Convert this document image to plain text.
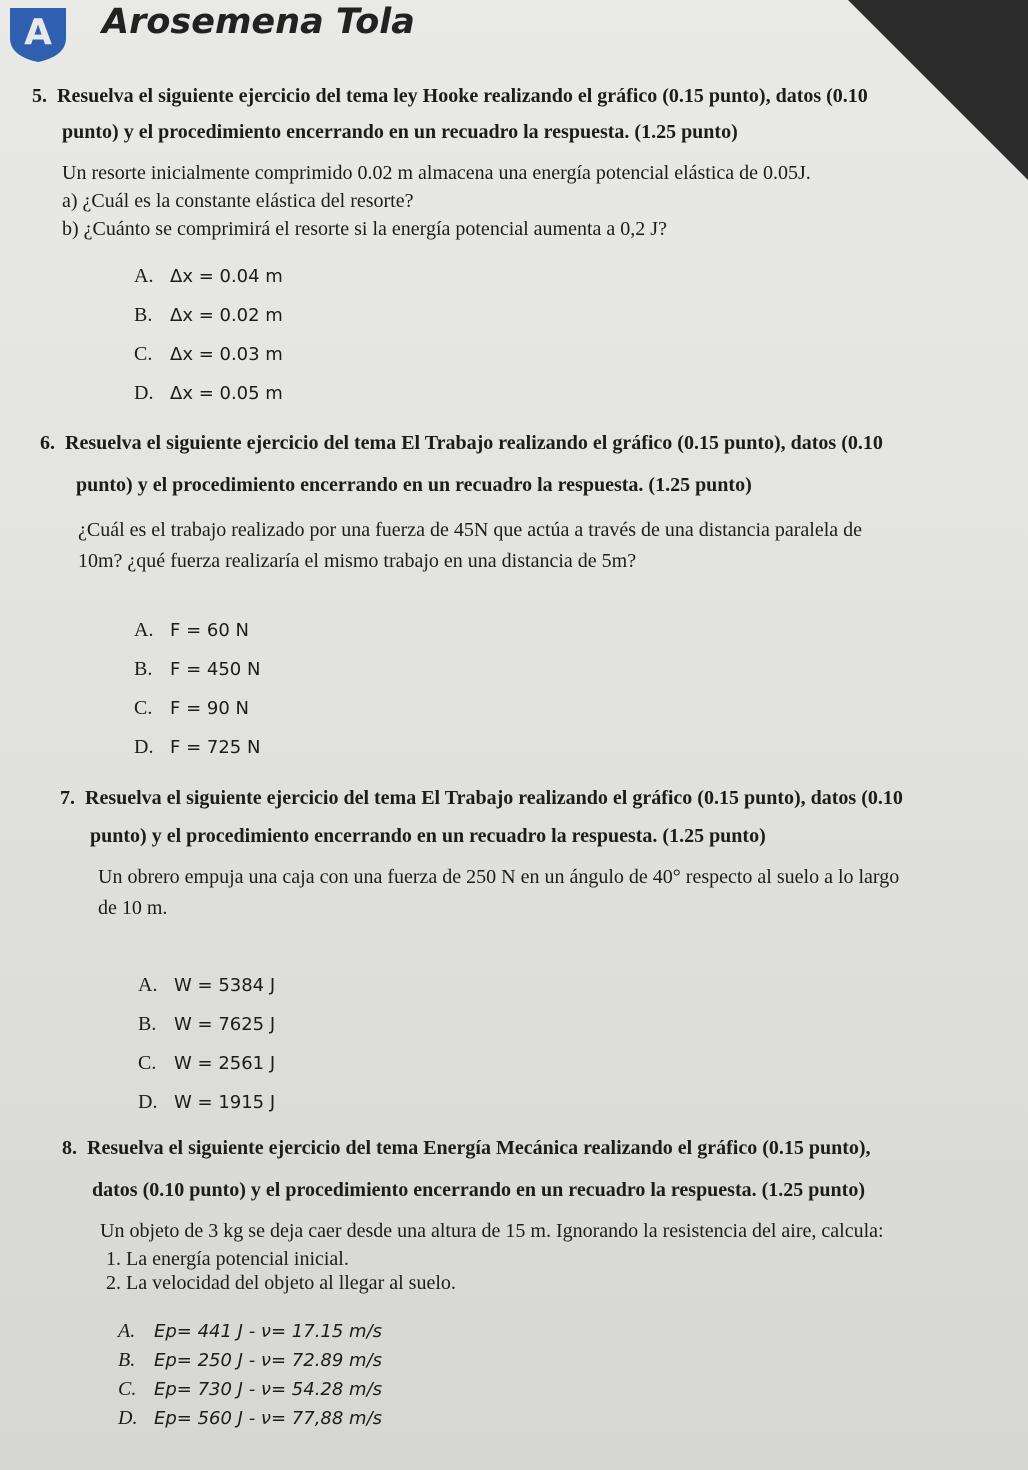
A Arosemena Tola
5. Resuelva el siguiente ejercicio del tema ley Hooke realizando el gráfico (0.15 punto), datos (0.10
punto) y el procedimiento encerrando en un recuadro la respuesta. (1.25 punto)
Un resorte inicialmente comprimido 0.02 m almacena una energía potencial elástica de 0.05J.
a) ¿Cuál es la constante elástica del resorte?
b) ¿Cuánto se comprimirá el resorte si la energía potencial aumenta a 0,2 J?
A. Δx = 0.04 m
B. Δx = 0.02 m
C. Δx = 0.03 m
D. Δx = 0.05 m
6. Resuelva el siguiente ejercicio del tema El Trabajo realizando el gráfico (0.15 punto), datos (0.10
punto) y el procedimiento encerrando en un recuadro la respuesta. (1.25 punto)
¿Cuál es el trabajo realizado por una fuerza de 45N que actúa a través de una distancia paralela de
10m? ¿qué fuerza realizaría el mismo trabajo en una distancia de 5m?
A. F = 60 N
B. F = 450 N
C. F = 90 N
D. F = 725 N
7. Resuelva el siguiente ejercicio del tema El Trabajo realizando el gráfico (0.15 punto), datos (0.10
punto) y el procedimiento encerrando en un recuadro la respuesta. (1.25 punto)
Un obrero empuja una caja con una fuerza de 250 N en un ángulo de 40° respecto al suelo a lo largo
de 10 m.
A. W = 5384 J
B. W = 7625 J
C. W = 2561 J
D. W = 1915 J
8. Resuelva el siguiente ejercicio del tema Energía Mecánica realizando el gráfico (0.15 punto),
datos (0.10 punto) y el procedimiento encerrando en un recuadro la respuesta. (1.25 punto)
Un objeto de 3 kg se deja caer desde una altura de 15 m. Ignorando la resistencia del aire, calcula:
1. La energía potencial inicial.
2. La velocidad del objeto al llegar al suelo.
A. Ep= 441 J - ν= 17.15 m/s
B. Ep= 250 J - ν= 72.89 m/s
C. Ep= 730 J - ν= 54.28 m/s
D. Ep= 560 J - ν= 77,88 m/s
